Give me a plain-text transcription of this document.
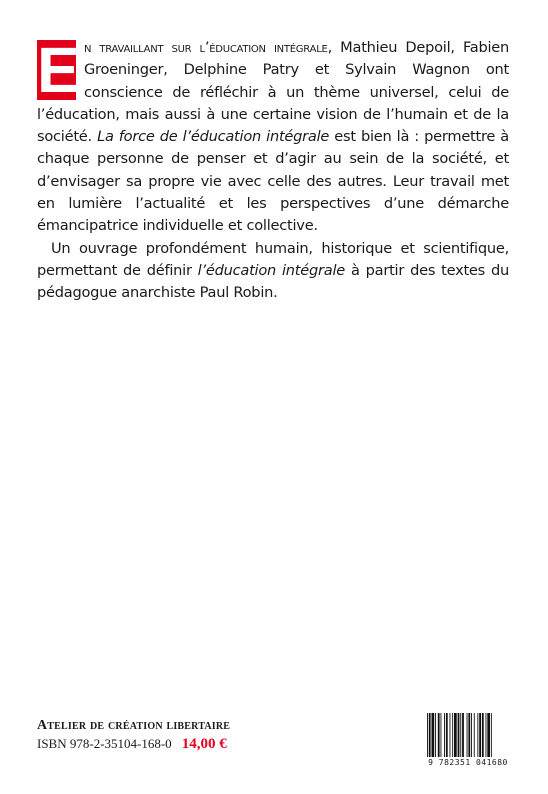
E n travaillant sur l’éducation intégrale, Mathieu Depoil, Fabien Groeninger, Delphine Patry et Sylvain Wagnon ont conscience de réfléchir à un thème universel, celui de l’éducation, mais aussi à une certaine vision de l’humain et de la société. La force de l’éducation intégrale est bien là : permettre à chaque personne de penser et d’agir au sein de la société, et d’envisager sa propre vie avec celle des autres. Leur travail met en lumière l’actualité et les perspectives d’une démarche émancipatrice individuelle et collective.

Un ouvrage profondément humain, historique et scientifique, permettant de définir l’éducation intégrale à partir des textes du pédagogue anarchiste Paul Robin.

Atelier de création libertaire
ISBN 978-2-35104-168-0 14,00 €
9 782351 041680
